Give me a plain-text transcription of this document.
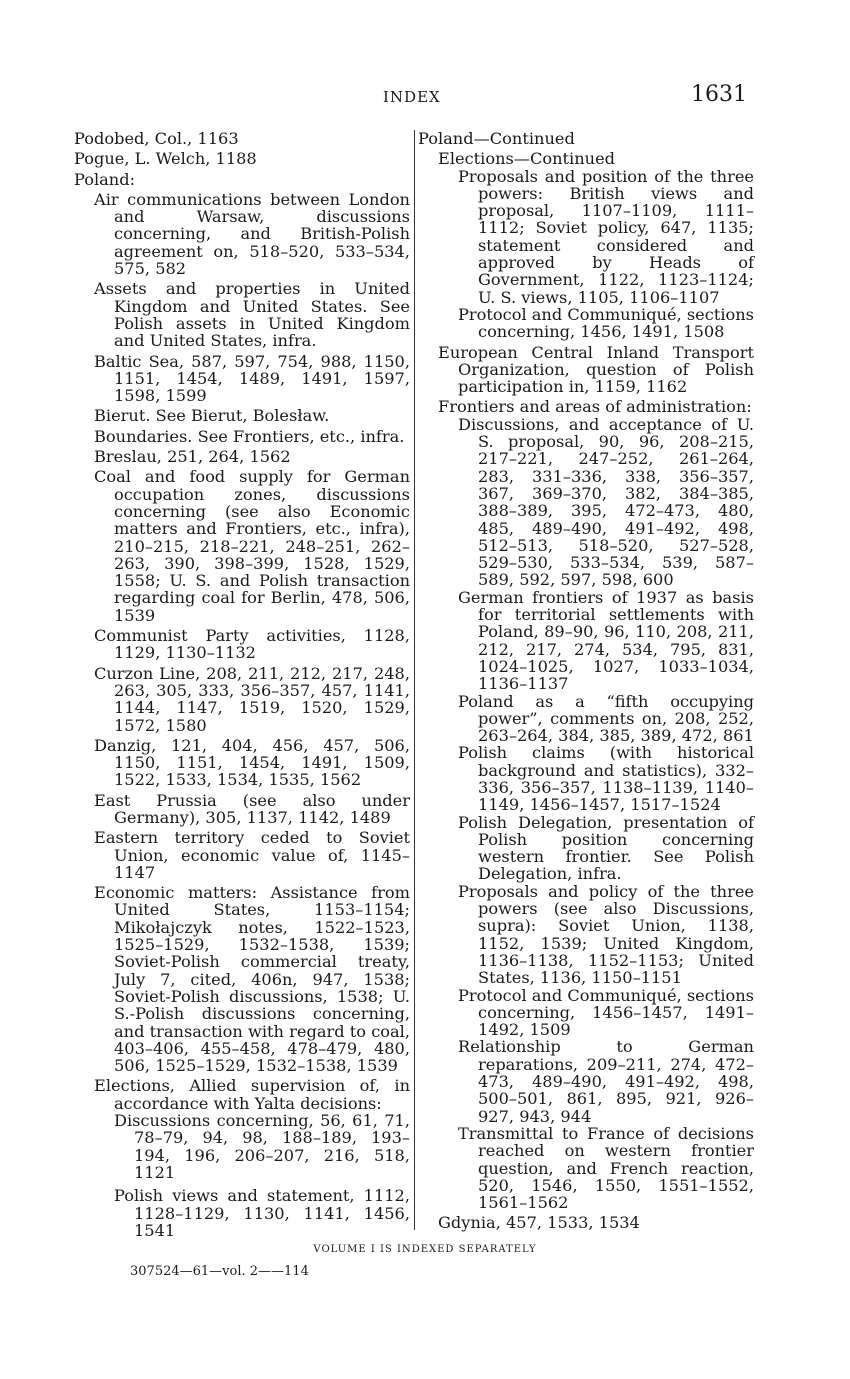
INDEX	1631

Podobed, Col., 1163

Pogue, L. Welch, 1188

Poland:

Air communications between London and Warsaw, discussions concerning, and British-Polish agreement on, 518–520, 533–534, 575, 582

Assets and properties in United Kingdom and United States. See Polish assets in United Kingdom and United States, infra.

Baltic Sea, 587, 597, 754, 988, 1150, 1151, 1454, 1489, 1491, 1597, 1598, 1599

Bierut. See Bierut, Bolesław.

Boundaries. See Frontiers, etc., infra.

Breslau, 251, 264, 1562

Coal and food supply for German occupation zones, discussions concerning (see also Economic matters and Frontiers, etc., infra), 210–215, 218–221, 248–251, 262–263, 390, 398–399, 1528, 1529, 1558; U. S. and Polish transaction regarding coal for Berlin, 478, 506, 1539

Communist Party activities, 1128, 1129, 1130–1132

Curzon Line, 208, 211, 212, 217, 248, 263, 305, 333, 356–357, 457, 1141, 1144, 1147, 1519, 1520, 1529, 1572, 1580

Danzig, 121, 404, 456, 457, 506, 1150, 1151, 1454, 1491, 1509, 1522, 1533, 1534, 1535, 1562

East Prussia (see also under Germany), 305, 1137, 1142, 1489

Eastern territory ceded to Soviet Union, economic value of, 1145–1147

Economic matters: Assistance from United States, 1153–1154; Mikołajczyk notes, 1522–1523, 1525–1529, 1532–1538, 1539; Soviet-Polish commercial treaty, July 7, cited, 406n, 947, 1538; Soviet-Polish discussions, 1538; U. S.-Polish discussions concerning, and transaction with regard to coal, 403–406, 455–458, 478–479, 480, 506, 1525–1529, 1532–1538, 1539

Elections, Allied supervision of, in accordance with Yalta decisions:

Discussions concerning, 56, 61, 71, 78–79, 94, 98, 188–189, 193–194, 196, 206–207, 216, 518, 1121

Polish views and statement, 1112, 1128–1129, 1130, 1141, 1456, 1541

Poland—Continued

Elections—Continued

Proposals and position of the three powers: British views and proposal, 1107–1109, 1111–1112; Soviet policy, 647, 1135; statement considered and approved by Heads of Government, 1122, 1123–1124; U. S. views, 1105, 1106–1107

Protocol and Communiqué, sections concerning, 1456, 1491, 1508

European Central Inland Transport Organization, question of Polish participation in, 1159, 1162

Frontiers and areas of administration:

Discussions, and acceptance of U. S. proposal, 90, 96, 208–215, 217–221, 247–252, 261–264, 283, 331–336, 338, 356–357, 367, 369–370, 382, 384–385, 388–389, 395, 472–473, 480, 485, 489–490, 491–492, 498, 512–513, 518–520, 527–528, 529–530, 533–534, 539, 587–589, 592, 597, 598, 600

German frontiers of 1937 as basis for territorial settlements with Poland, 89–90, 96, 110, 208, 211, 212, 217, 274, 534, 795, 831, 1024–1025, 1027, 1033–1034, 1136–1137

Poland as a “fifth occupying power”, comments on, 208, 252, 263–264, 384, 385, 389, 472, 861

Polish claims (with historical background and statistics), 332–336, 356–357, 1138–1139, 1140–1149, 1456–1457, 1517–1524

Polish Delegation, presentation of Polish position concerning western frontier. See Polish Delegation, infra.

Proposals and policy of the three powers (see also Discussions, supra): Soviet Union, 1138, 1152, 1539; United Kingdom, 1136–1138, 1152–1153; United States, 1136, 1150–1151

Protocol and Communiqué, sections concerning, 1456–1457, 1491–1492, 1509

Relationship to German reparations, 209–211, 274, 472–473, 489–490, 491–492, 498, 500–501, 861, 895, 921, 926–927, 943, 944

Transmittal to France of decisions reached on western frontier question, and French reaction, 520, 1546, 1550, 1551–1552, 1561–1562

Gdynia, 457, 1533, 1534

VOLUME I IS INDEXED SEPARATELY
307524—61—vol. 2——114
